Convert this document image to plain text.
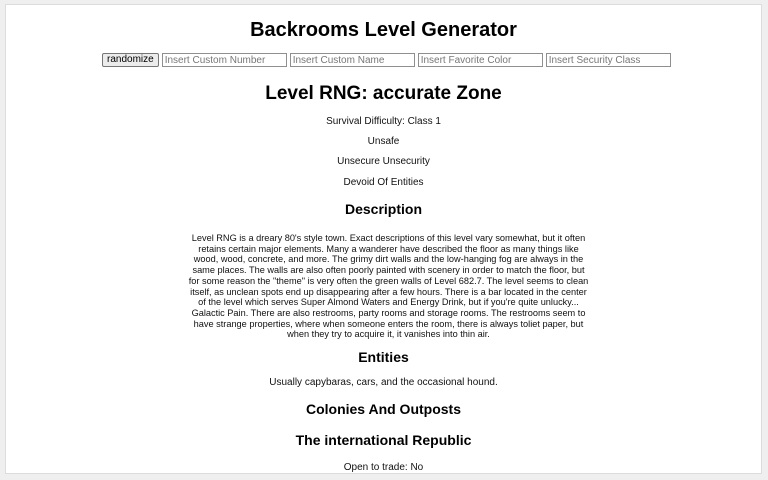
Backrooms Level Generator
randomize
Insert Custom Number
Insert Custom Name
Insert Favorite Color
Insert Security Class
Level RNG: accurate Zone

Survival Difficulty: Class 1

Unsafe

Unsecure Unsecurity

Devoid Of Entities

Description

Level RNG is a dreary 80's style town. Exact descriptions of this level vary somewhat, but it often retains certain major elements. Many a wanderer have described the floor as many things like wood, wood, concrete, and more. The grimy dirt walls and the low-hanging fog are always in the same places. The walls are also often poorly painted with scenery in order to match the floor, but for some reason the "theme" is very often the green walls of Level 682.7. The level seems to clean itself, as unclean spots end up disappearing after a few hours. There is a bar located in the center of the level which serves Super Almond Waters and Energy Drink, but if you're quite unlucky... Galactic Pain. There are also restrooms, party rooms and storage rooms. The restrooms seem to have strange properties, where when someone enters the room, there is always toliet paper, but when they try to acquire it, it vanishes into thin air.

Entities

Usually capybaras, cars, and the occasional hound.

Colonies And Outposts
The international Republic

Open to trade: No
